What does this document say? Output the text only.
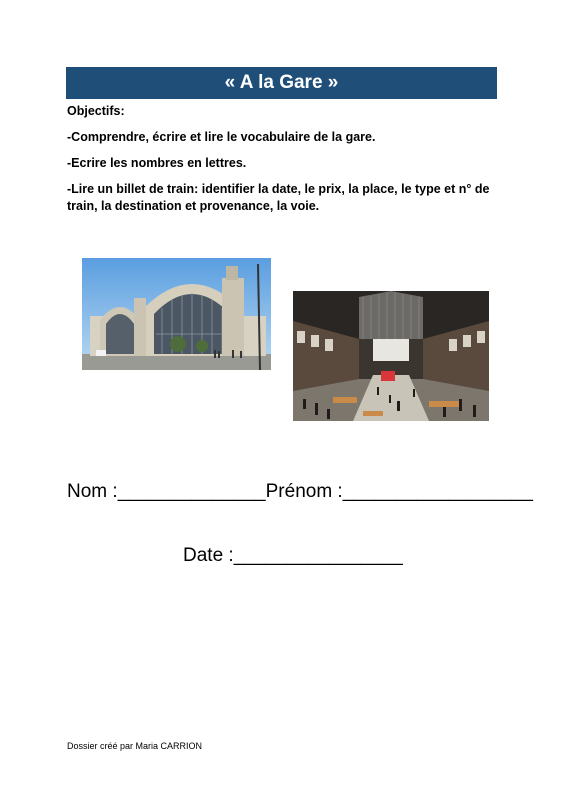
« A la Gare »

Objectifs:

-Comprendre, écrire et lire le vocabulaire de la gare.

-Ecrire les nombres en lettres.

-Lire un billet de train: identifier la date, le prix, la place, le type et n° de train, la destination et provenance, la voie.

Nom :______________Prénom :__________________
Date :________________
Dossier créé par Maria CARRION
